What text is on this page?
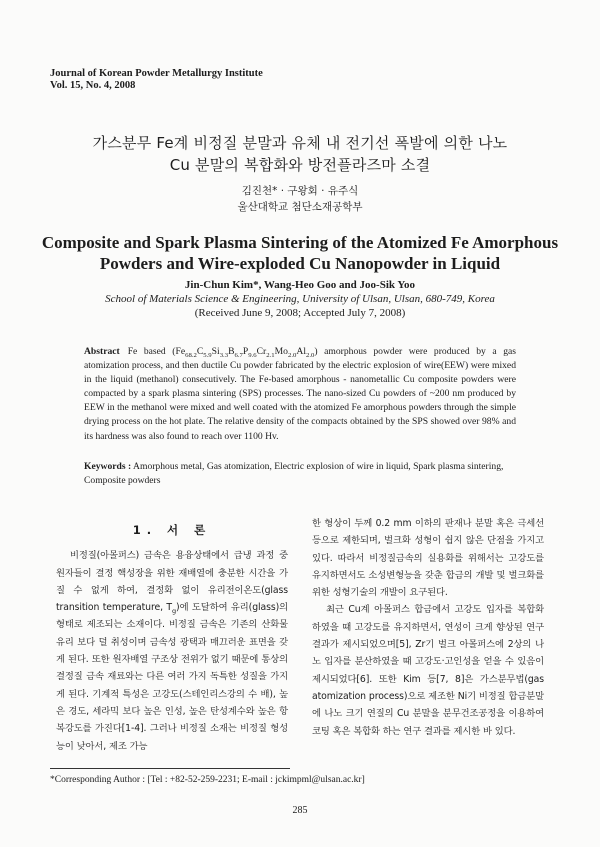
Journal of Korean Powder Metallurgy Institute
Vol. 15, No. 4, 2008
가스분무 Fe계 비정질 분말과 유체 내 전기선 폭발에 의한 나노
Cu 분말의 복합화와 방전플라즈마 소결
김진천* · 구왕회 · 유주식
울산대학교 첨단소재공학부
Composite and Spark Plasma Sintering of the Atomized Fe Amorphous
Powders and Wire-exploded Cu Nanopowder in Liquid
Jin-Chun Kim*, Wang-Heo Goo and Joo-Sik Yoo
School of Materials Science & Engineering, University of Ulsan, Ulsan, 680-749, Korea
(Received June 9, 2008; Accepted July 7, 2008)
Abstract Fe based $(Fe_{68.2}C_{5.9}Si_{3.3}B_{6.7}P_{9.6}Cr_{2.1}Mo_{2.0}Al_{2.0})$ amorphous powder were produced by a gas atomization process, and then ductile Cu powder fabricated by the electric explosion of wire(EEW) were mixed in the liquid (methanol) consecutively. The Fe-based amorphous - nanometallic Cu composite powders were compacted by a spark plasma sintering (SPS) processes. The nano-sized Cu powders of ~200 nm produced by EEW in the methanol were mixed and well coated with the atomized Fe amorphous powders through the simple drying process on the hot plate. The relative density of the compacts obtained by the SPS showed over 98% and its hardness was also found to reach over 1100 Hv.
Keywords : Amorphous metal, Gas atomization, Electric explosion of wire in liquid, Spark plasma sintering, Composite powders
1. 서 론

비정질(아몰퍼스) 금속은 용융상태에서 급냉 과정 중 원자들이 결정 핵성장을 위한 재배열에 충분한 시간을 가질 수 없게 하여, 결정화 없이 유리전이온도(glass transition temperature, $T_g$)에 도달하여 유리(glass)의 형태로 제조되는 소재이다. 비정질 금속은 기존의 산화물 유리 보다 덜 취성이며 금속성 광택과 매끄러운 표면을 갖게 된다. 또한 원자배열 구조상 전위가 없기 때문에 통상의 결정질 금속 재료와는 다른 여러 가지 독특한 성질을 가지게 된다. 기계적 특성은 고강도(스테인리스강의 수 배), 높은 경도, 세라믹 보다 높은 인성, 높은 탄성계수와 높은 항복강도를 가진다[1-4]. 그러나 비정질 소재는 비정질 형성능이 낮아서, 제조 가능

한 형상이 두께 0.2 mm 이하의 판재나 분말 혹은 극세선 등으로 제한되며, 벌크화 성형이 쉽지 않은 단점을 가지고 있다. 따라서 비정질금속의 실용화를 위해서는 고강도를 유지하면서도 소성변형능을 갖춘 합금의 개발 및 벌크화를 위한 성형기술의 개발이 요구된다.

최근 Cu계 아몰퍼스 합금에서 고강도 입자를 복합화 하였을 때 고강도를 유지하면서, 연성이 크게 향상된 연구 결과가 제시되었으며[5], Zr기 벌크 아몰퍼스에 2상의 나노 입자를 분산하였을 때 고강도·고인성을 얻을 수 있음이 제시되었다[6]. 또한 Kim 등[7, 8]은 가스분무법(gas atomization process)으로 제조한 Ni기 비정질 합금분말에 나노 크기 연질의 Cu 분말을 분무건조공정을 이용하여 코팅 혹은 복합화 하는 연구 결과를 제시한 바 있다.

*Corresponding Author : [Tel : +82-52-259-2231; E-mail : jckimpml@ulsan.ac.kr]
285
